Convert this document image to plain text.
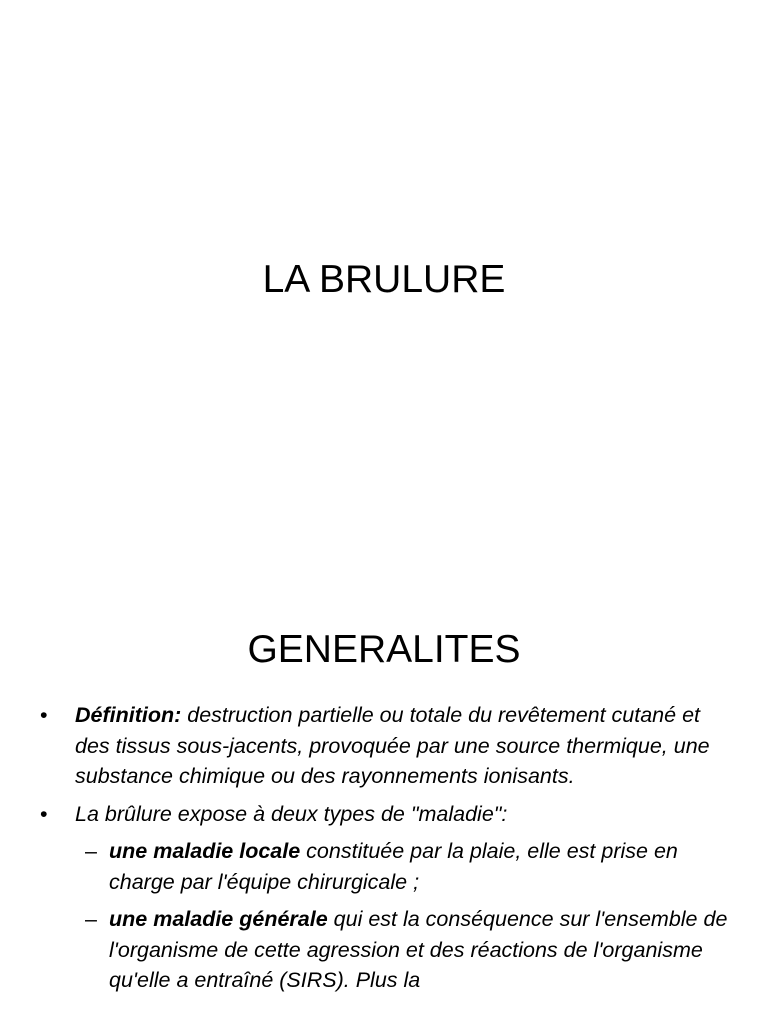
LA BRULURE
GENERALITES
•	Définition: destruction partielle ou totale du revêtement cutané et des tissus sous-jacents, provoquée par une source thermique, une substance chimique ou des rayonnements ionisants.
•	La brûlure expose à deux types de "maladie":
– une maladie locale constituée par la plaie, elle est prise en charge par l'équipe chirurgicale ;
– une maladie générale qui est la conséquence sur l'ensemble de l'organisme de cette agression et des réactions de l'organisme qu'elle a entraîné (SIRS). Plus la
